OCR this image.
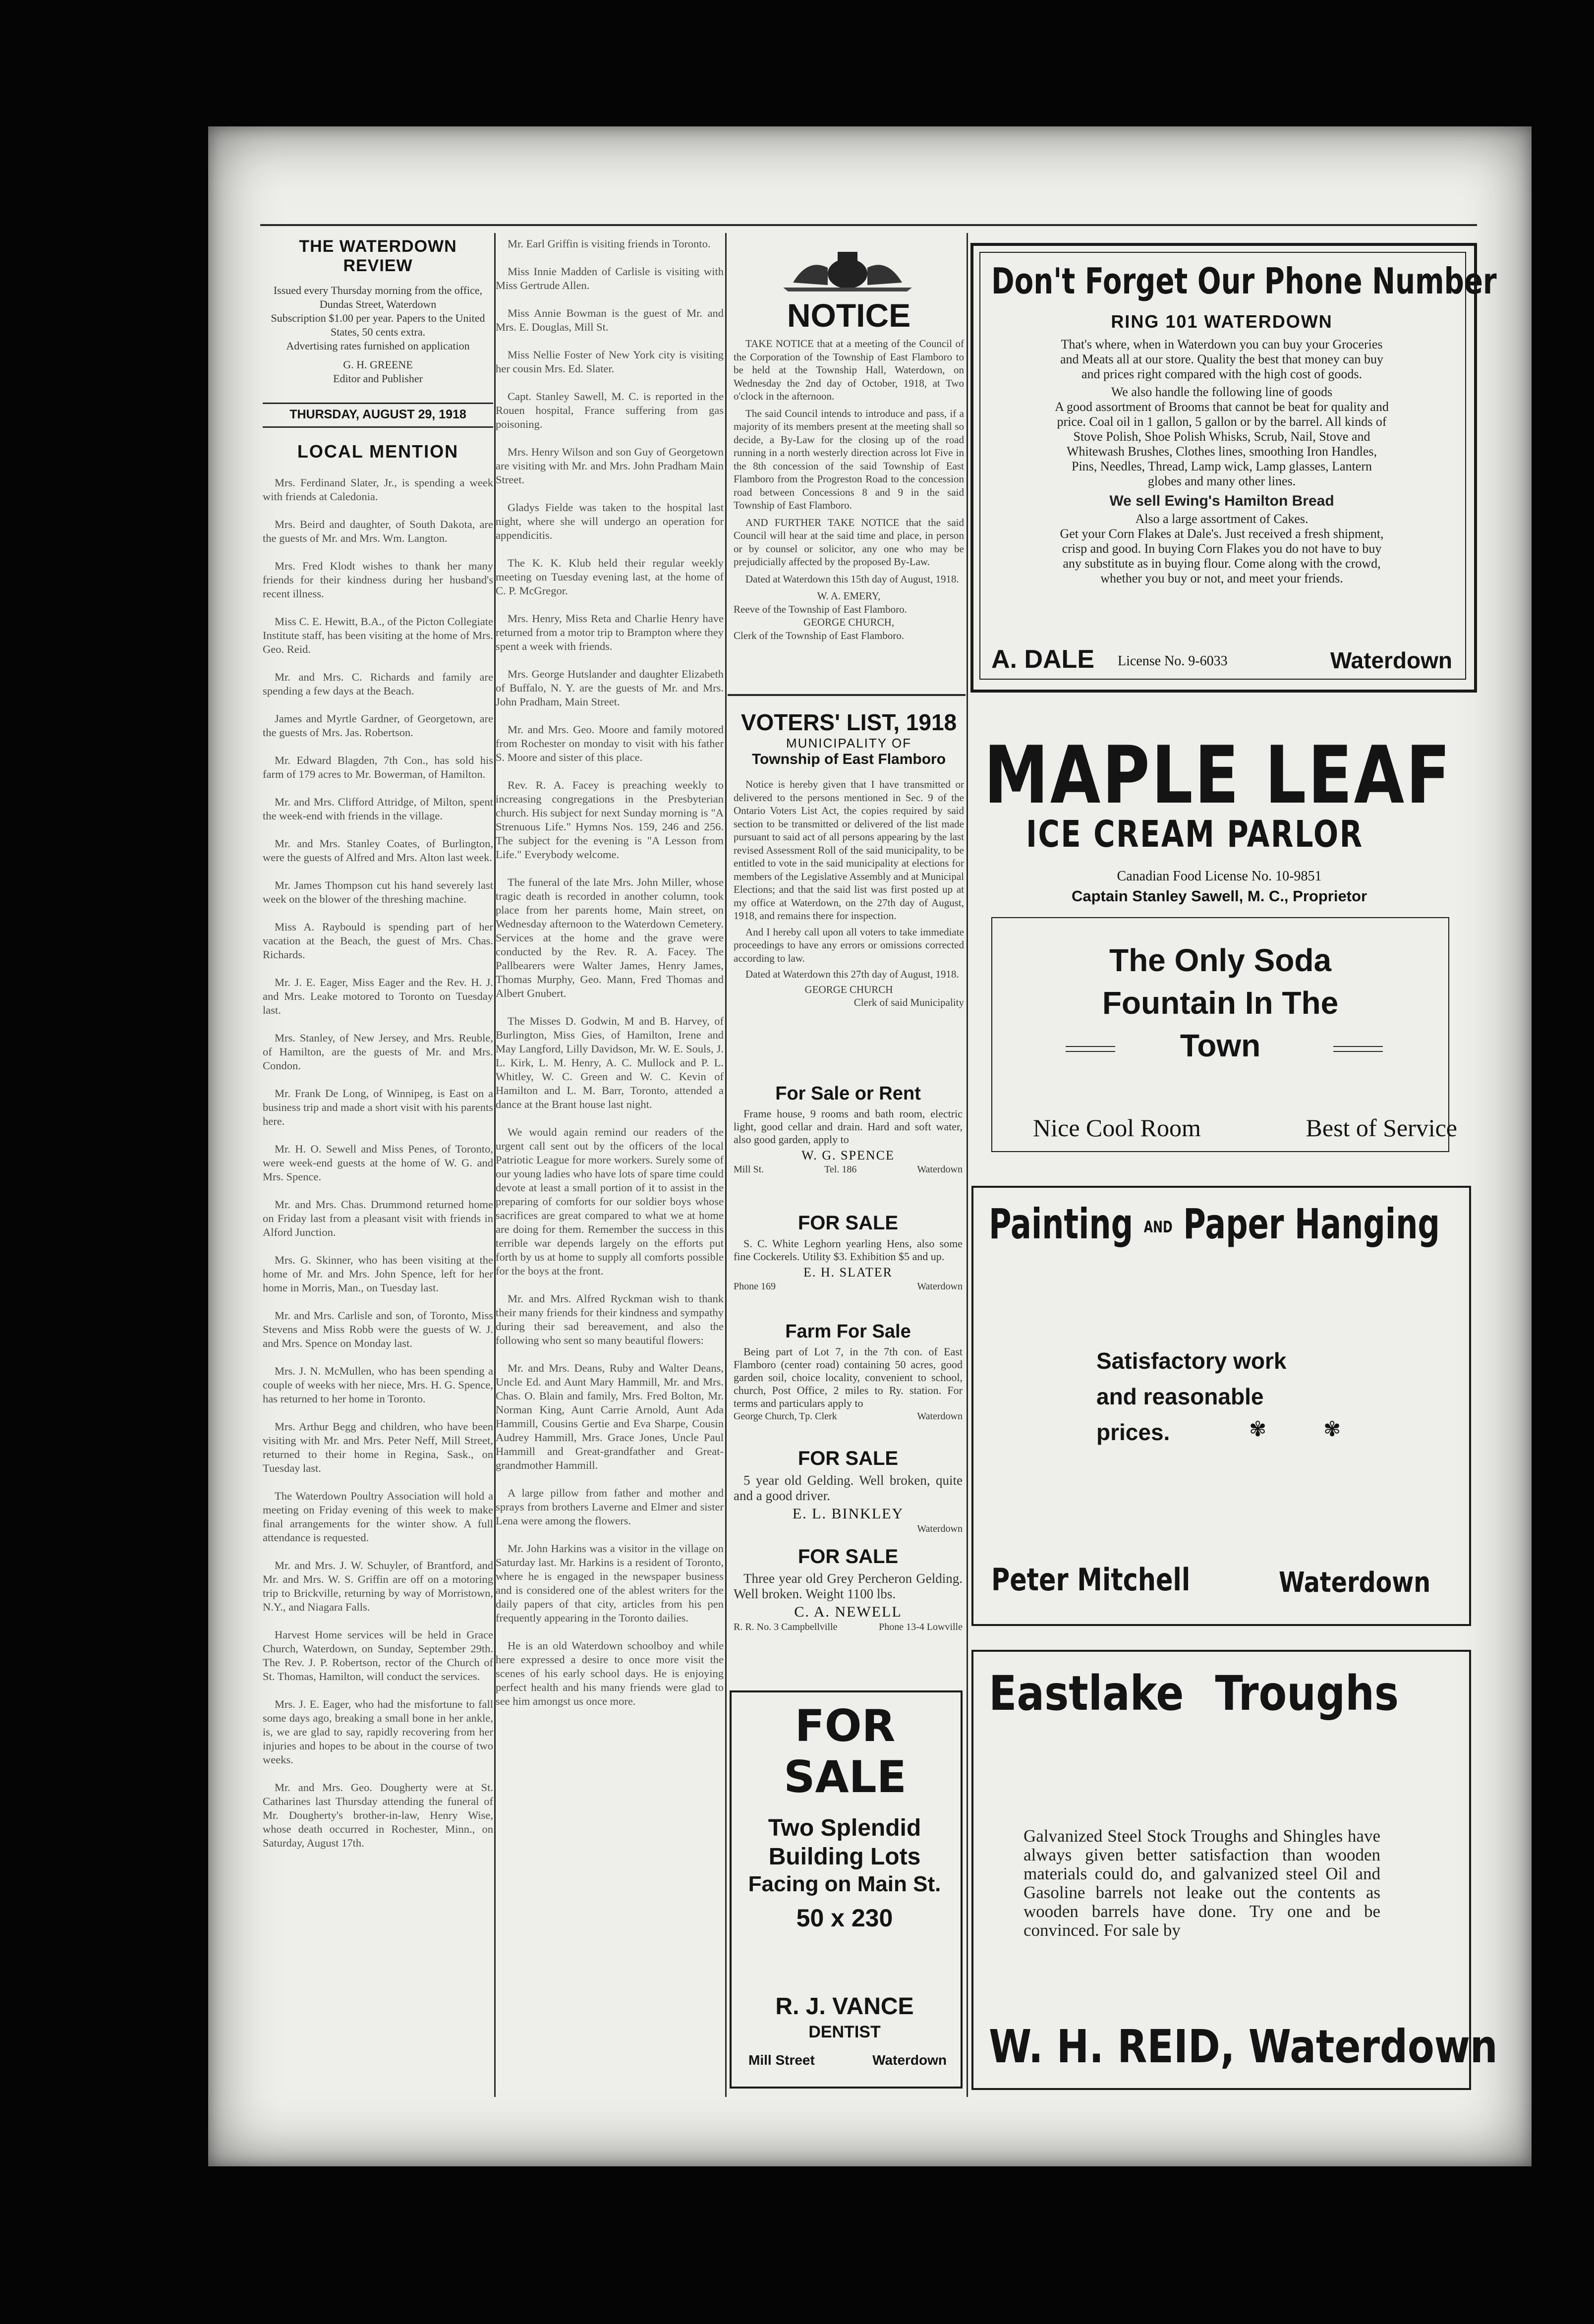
THE WATERDOWN REVIEW

Issued every Thursday morning from the office, Dundas Street, Waterdown

Subscription $1.00 per year. Papers to the United States, 50 cents extra.

Advertising rates furnished on application

G. H. GREENE

Editor and Publisher

THURSDAY, AUGUST 29, 1918
LOCAL MENTION

Mrs. Ferdinand Slater, Jr., is spending a week with friends at Caledonia.

Mrs. Beird and daughter, of South Dakota, are the guests of Mr. and Mrs. Wm. Langton.

Mrs. Fred Klodt wishes to thank her many friends for their kindness during her husband's recent illness.

Miss C. E. Hewitt, B.A., of the Picton Collegiate Institute staff, has been visiting at the home of Mrs. Geo. Reid.

Mr. and Mrs. C. Richards and family are spending a few days at the Beach.

James and Myrtle Gardner, of Georgetown, are the guests of Mrs. Jas. Robertson.

Mr. Edward Blagden, 7th Con., has sold his farm of 179 acres to Mr. Bowerman, of Hamilton.

Mr. and Mrs. Clifford Attridge, of Milton, spent the week-end with friends in the village.

Mr. and Mrs. Stanley Coates, of Burlington, were the guests of Alfred and Mrs. Alton last week.

Mr. James Thompson cut his hand severely last week on the blower of the threshing machine.

Miss A. Raybould is spending part of her vacation at the Beach, the guest of Mrs. Chas. Richards.

Mr. J. E. Eager, Miss Eager and the Rev. H. J. and Mrs. Leake motored to Toronto on Tuesday last.

Mrs. Stanley, of New Jersey, and Mrs. Reuble, of Hamilton, are the guests of Mr. and Mrs. Condon.

Mr. Frank De Long, of Winnipeg, is East on a business trip and made a short visit with his parents here.

Mr. H. O. Sewell and Miss Penes, of Toronto, were week-end guests at the home of W. G. and Mrs. Spence.

Mr. and Mrs. Chas. Drummond returned home on Friday last from a pleasant visit with friends in Alford Junction.

Mrs. G. Skinner, who has been visiting at the home of Mr. and Mrs. John Spence, left for her home in Morris, Man., on Tuesday last.

Mr. and Mrs. Carlisle and son, of Toronto, Miss Stevens and Miss Robb were the guests of W. J. and Mrs. Spence on Monday last.

Mrs. J. N. McMullen, who has been spending a couple of weeks with her niece, Mrs. H. G. Spence, has returned to her home in Toronto.

Mrs. Arthur Begg and children, who have been visiting with Mr. and Mrs. Peter Neff, Mill Street, returned to their home in Regina, Sask., on Tuesday last.

The Waterdown Poultry Association will hold a meeting on Friday evening of this week to make final arrangements for the winter show. A full attendance is requested.

Mr. and Mrs. J. W. Schuyler, of Brantford, and Mr. and Mrs. W. S. Griffin are off on a motoring trip to Brickville, returning by way of Morristown, N.Y., and Niagara Falls.

Harvest Home services will be held in Grace Church, Waterdown, on Sunday, September 29th. The Rev. J. P. Robertson, rector of the Church of St. Thomas, Hamilton, will conduct the services.

Mrs. J. E. Eager, who had the misfortune to fall some days ago, breaking a small bone in her ankle, is, we are glad to say, rapidly recovering from her injuries and hopes to be about in the course of two weeks.

Mr. and Mrs. Geo. Dougherty were at St. Catharines last Thursday attending the funeral of Mr. Dougherty's brother-in-law, Henry Wise, whose death occurred in Rochester, Minn., on Saturday, August 17th.

Mr. Earl Griffin is visiting friends in Toronto.

Miss Innie Madden of Carlisle is visiting with Miss Gertrude Allen.

Miss Annie Bowman is the guest of Mr. and Mrs. E. Douglas, Mill St.

Miss Nellie Foster of New York city is visiting her cousin Mrs. Ed. Slater.

Capt. Stanley Sawell, M. C. is reported in the Rouen hospital, France suffering from gas poisoning.

Mrs. Henry Wilson and son Guy of Georgetown are visiting with Mr. and Mrs. John Pradham Main Street.

Gladys Fielde was taken to the hospital last night, where she will undergo an operation for appendicitis.

The K. K. Klub held their regular weekly meeting on Tuesday evening last, at the home of C. P. McGregor.

Mrs. Henry, Miss Reta and Charlie Henry have returned from a motor trip to Brampton where they spent a week with friends.

Mrs. George Hutslander and daughter Elizabeth of Buffalo, N. Y. are the guests of Mr. and Mrs. John Pradham, Main Street.

Mr. and Mrs. Geo. Moore and family motored from Rochester on monday to visit with his father S. Moore and sister of this place.

Rev. R. A. Facey is preaching weekly to increasing congregations in the Presbyterian church. His subject for next Sunday morning is "A Strenuous Life." Hymns Nos. 159, 246 and 256. The subject for the evening is "A Lesson from Life." Everybody welcome.

The funeral of the late Mrs. John Miller, whose tragic death is recorded in another column, took place from her parents home, Main street, on Wednesday afternoon to the Waterdown Cemetery. Services at the home and the grave were conducted by the Rev. R. A. Facey. The Pallbearers were Walter James, Henry James, Thomas Murphy, Geo. Mann, Fred Thomas and Albert Gnubert.

The Misses D. Godwin, M and B. Harvey, of Burlington, Miss Gies, of Hamilton, Irene and May Langford, Lilly Davidson, Mr. W. E. Souls, J. L. Kirk, L. M. Henry, A. C. Mullock and P. L. Whitley, W. C. Green and W. C. Kevin of Hamilton and L. M. Barr, Toronto, attended a dance at the Brant house last night.

We would again remind our readers of the urgent call sent out by the officers of the local Patriotic League for more workers. Surely some of our young ladies who have lots of spare time could devote at least a small portion of it to assist in the preparing of comforts for our soldier boys whose sacrifices are great compared to what we at home are doing for them. Remember the success in this terrible war depends largely on the efforts put forth by us at home to supply all comforts possible for the boys at the front.

Mr. and Mrs. Alfred Ryckman wish to thank their many friends for their kindness and sympathy during their sad bereavement, and also the following who sent so many beautiful flowers:

Mr. and Mrs. Deans, Ruby and Walter Deans, Uncle Ed. and Aunt Mary Hammill, Mr. and Mrs. Chas. O. Blain and family, Mrs. Fred Bolton, Mr. Norman King, Aunt Carrie Arnold, Aunt Ada Hammill, Cousins Gertie and Eva Sharpe, Cousin Audrey Hammill, Mrs. Grace Jones, Uncle Paul Hammill and Great-grandfather and Great-grandmother Hammill.

A large pillow from father and mother and sprays from brothers Laverne and Elmer and sister Lena were among the flowers.

Mr. John Harkins was a visitor in the village on Saturday last. Mr. Harkins is a resident of Toronto, where he is engaged in the newspaper business and is considered one of the ablest writers for the daily papers of that city, articles from his pen frequently appearing in the Toronto dailies.

He is an old Waterdown schoolboy and while here expressed a desire to once more visit the scenes of his early school days. He is enjoying perfect health and his many friends were glad to see him amongst us once more.

NOTICE

TAKE NOTICE that at a meeting of the Council of the Corporation of the Township of East Flamboro to be held at the Township Hall, Waterdown, on Wednesday the 2nd day of October, 1918, at Two o'clock in the afternoon.

The said Council intends to introduce and pass, if a majority of its members present at the meeting shall so decide, a By-Law for the closing up of the road running in a north westerly direction across lot Five in the 8th concession of the said Township of East Flamboro from the Progreston Road to the concession road between Concessions 8 and 9 in the said Township of East Flamboro.

AND FURTHER TAKE NOTICE that the said Council will hear at the said time and place, in person or by counsel or solicitor, any one who may be prejudicially affected by the proposed By-Law.

Dated at Waterdown this 15th day of August, 1918.

W. A. EMERY,

Reeve of the Township of East Flamboro.

GEORGE CHURCH,

Clerk of the Township of East Flamboro.

VOTERS' LIST, 1918
MUNICIPALITY OF
Township of East Flamboro

Notice is hereby given that I have transmitted or delivered to the persons mentioned in Sec. 9 of the Ontario Voters List Act, the copies required by said section to be transmitted or delivered of the list made pursuant to said act of all persons appearing by the last revised Assessment Roll of the said municipality, to be entitled to vote in the said municipality at elections for members of the Legislative Assembly and at Municipal Elections; and that the said list was first posted up at my office at Waterdown, on the 27th day of August, 1918, and remains there for inspection.

And I hereby call upon all voters to take immediate proceedings to have any errors or omissions corrected according to law.

Dated at Waterdown this 27th day of August, 1918.

GEORGE CHURCH

Clerk of said Municipality

For Sale or Rent

Frame house, 9 rooms and bath room, electric light, good cellar and drain. Hard and soft water, also good garden, apply to

W. G. SPENCE
Mill St.	Tel. 186	Waterdown
FOR SALE

S. C. White Leghorn yearling Hens, also some fine Cockerels. Utility $3. Exhibition $5 and up.

E. H. SLATER
Phone 169	Waterdown
Farm For Sale

Being part of Lot 7, in the 7th con. of East Flamboro (center road) containing 50 acres, good garden soil, choice locality, convenient to school, church, Post Office, 2 miles to Ry. station. For terms and particulars apply to

George Church, Tp. Clerk	Waterdown
FOR SALE

5 year old Gelding. Well broken, quite and a good driver.

E. L. BINKLEY
Waterdown
FOR SALE

Three year old Grey Percheron Gelding. Well broken. Weight 1100 lbs.

C. A. NEWELL
R. R. No. 3 Campbellville	Phone 13-4 Lowville
FOR SALE
Two Splendid
Building Lots
Facing on Main St.
50 x 230
R. J. VANCE
DENTIST
Mill Street	Waterdown
Don't Forget Our Phone Number
RING 101 WATERDOWN

That's where, when in Waterdown you can buy your Groceries and Meats all at our store. Quality the best that money can buy and prices right compared with the high cost of goods.

We also handle the following line of goods

A good assortment of Brooms that cannot be beat for quality and price. Coal oil in 1 gallon, 5 gallon or by the barrel. All kinds of Stove Polish, Shoe Polish Whisks, Scrub, Nail, Stove and Whitewash Brushes, Clothes lines, smoothing Iron Handles, Pins, Needles, Thread, Lamp wick, Lamp glasses, Lantern globes and many other lines.

We sell Ewing's Hamilton Bread

Also a large assortment of Cakes.

Get your Corn Flakes at Dale's. Just received a fresh shipment, crisp and good. In buying Corn Flakes you do not have to buy any substitute as in buying flour. Come along with the crowd, whether you buy or not, and meet your friends.

A. DALE License No. 9-6033	Waterdown
MAPLE LEAF
ICE CREAM PARLOR
Canadian Food License No. 10-9851
Captain Stanley Sawell, M. C., Proprietor
The Only Soda
Fountain In The
Town
Nice Cool Room	Best of Service
Painting AND Paper Hanging
Satisfactory work
and reasonable
prices.	✾	✾
Peter Mitchell	Waterdown
Eastlake Troughs
Galvanized Steel Stock Troughs and Shingles have always given better satisfaction than wooden materials could do, and galvanized steel Oil and Gasoline barrels not leake out the contents as wooden barrels have done. Try one and be convinced. For sale by
W. H. REID, Waterdown
